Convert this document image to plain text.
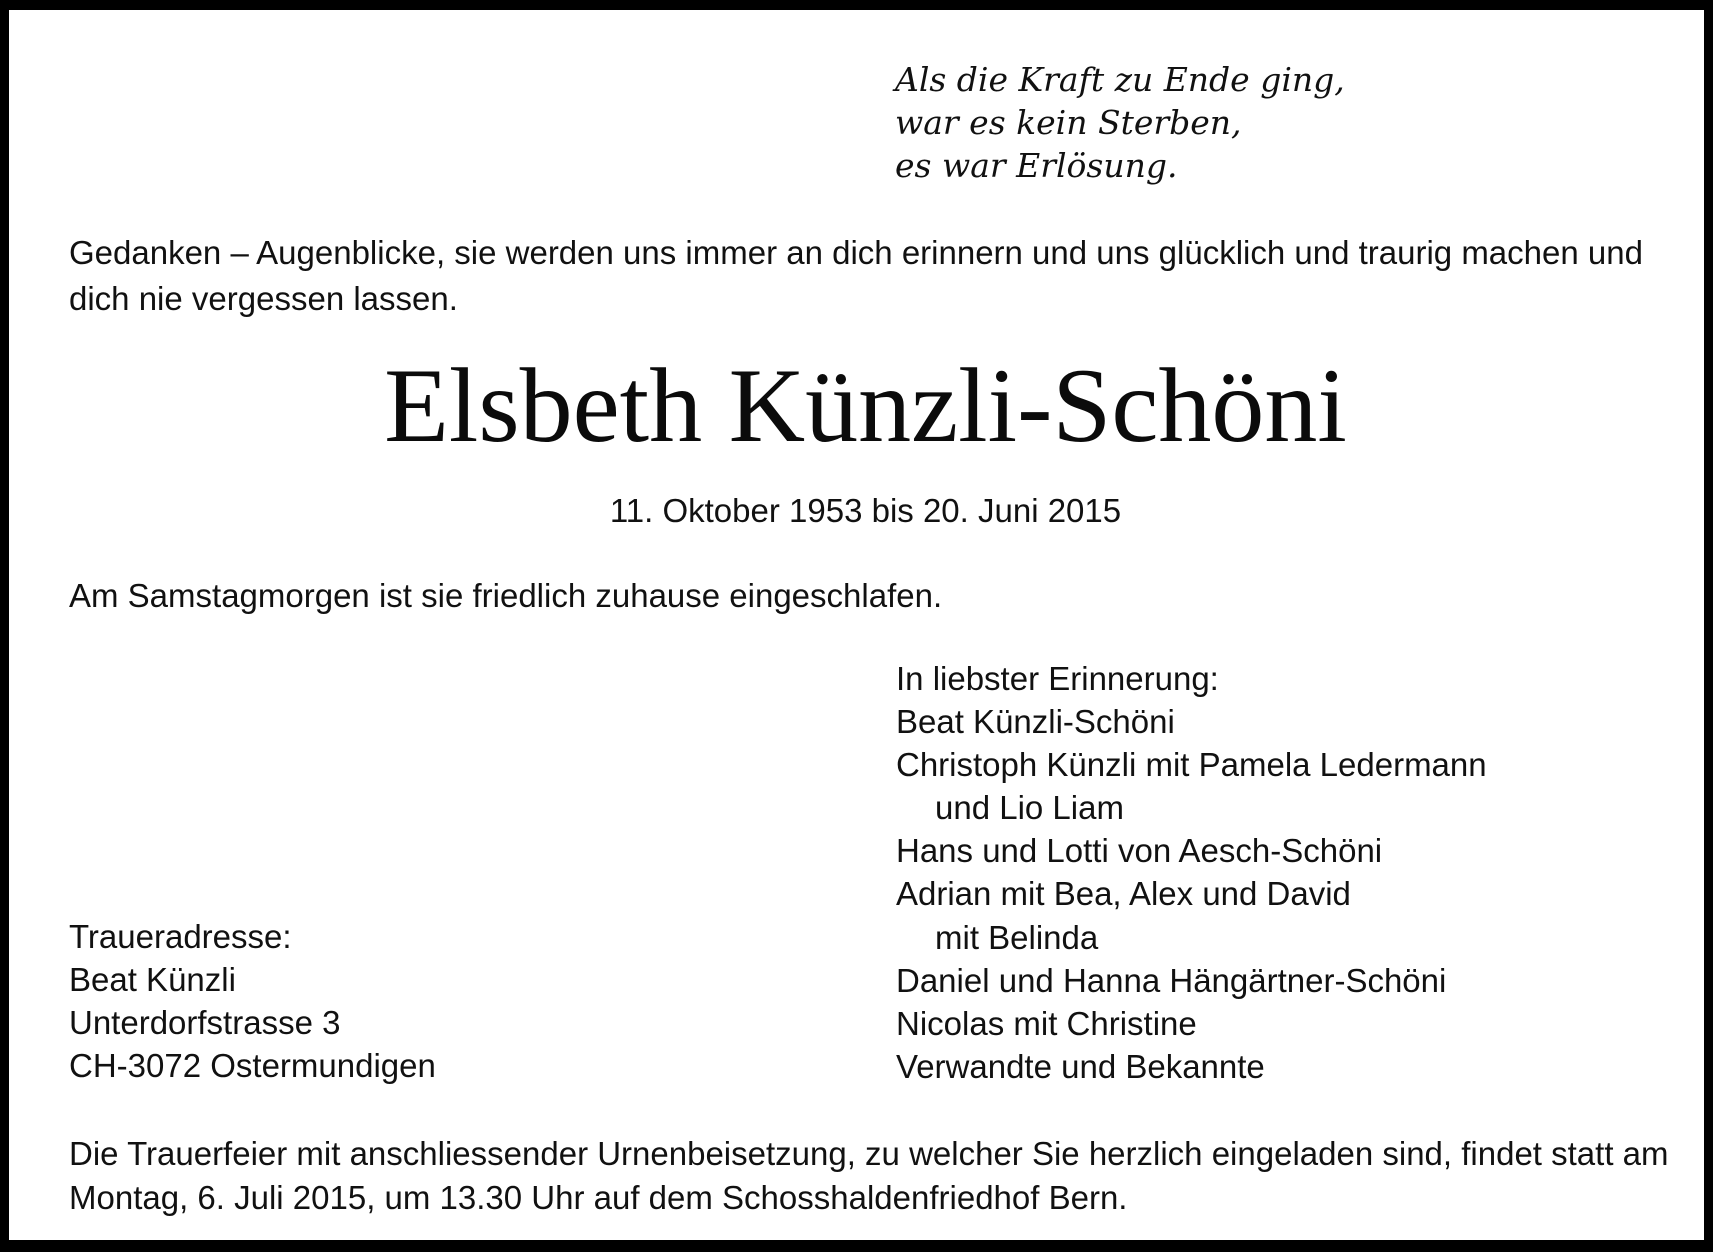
Als die Kraft zu Ende ging,
war es kein Sterben,
es war Erlösung.
Gedanken – Augenblicke, sie werden uns immer an dich erinnern und uns glücklich und traurig machen und
dich nie vergessen lassen.
Elsbeth Künzli-Schöni
11. Oktober 1953 bis 20. Juni 2015
Am Samstagmorgen ist sie friedlich zuhause eingeschlafen.
In liebster Erinnerung:
Beat Künzli-Schöni
Christoph Künzli mit Pamela Ledermann
und Lio Liam
Hans und Lotti von Aesch-Schöni
Adrian mit Bea, Alex und David
mit Belinda
Daniel und Hanna Hängärtner-Schöni
Nicolas mit Christine
Verwandte und Bekannte
Traueradresse:
Beat Künzli
Unterdorfstrasse 3
CH-3072 Ostermundigen
Die Trauerfeier mit anschliessender Urnenbeisetzung, zu welcher Sie herzlich eingeladen sind, findet statt am
Montag, 6. Juli 2015, um 13.30 Uhr auf dem Schosshaldenfriedhof Bern.
